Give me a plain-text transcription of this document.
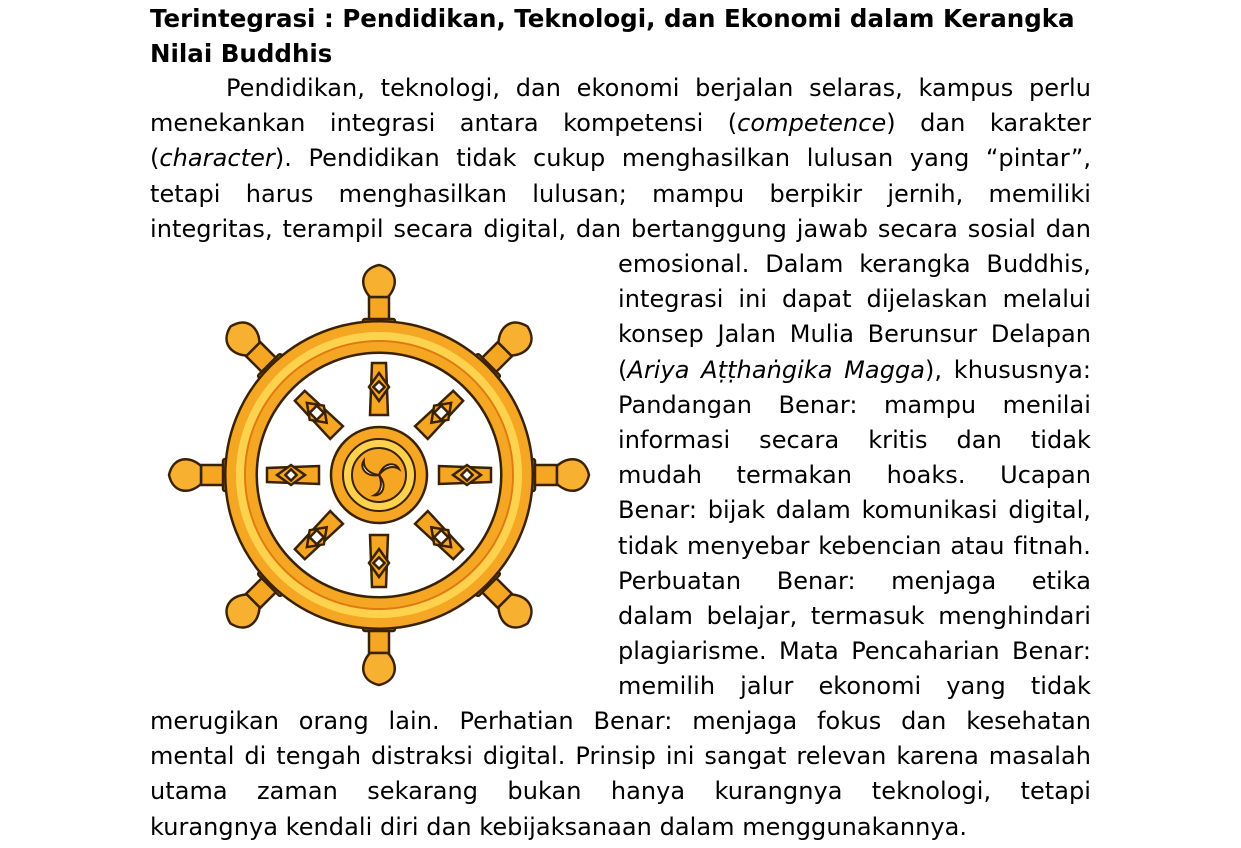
Terintegrasi : Pendidikan, Teknologi, dan Ekonomi dalam Kerangka
Nilai Buddhis
Pendidikan, teknologi, dan ekonomi berjalan selaras, kampus perlu
menekankan integrasi antara kompetensi (competence) dan karakter
(character). Pendidikan tidak cukup menghasilkan lulusan yang “pintar”,
tetapi harus menghasilkan lulusan; mampu berpikir jernih, memiliki
integritas, terampil secara digital, dan bertanggung jawab secara sosial dan
emosional. Dalam kerangka Buddhis,
integrasi ini dapat dijelaskan melalui
konsep Jalan Mulia Berunsur Delapan
(Ariya Aṭṭhaṅgika Magga), khususnya:
Pandangan Benar: mampu menilai
informasi secara kritis dan tidak
mudah termakan hoaks. Ucapan
Benar: bijak dalam komunikasi digital,
tidak menyebar kebencian atau fitnah.
Perbuatan Benar: menjaga etika
dalam belajar, termasuk menghindari
plagiarisme. Mata Pencaharian Benar:
memilih jalur ekonomi yang tidak
merugikan orang lain. Perhatian Benar: menjaga fokus dan kesehatan
mental di tengah distraksi digital. Prinsip ini sangat relevan karena masalah
utama zaman sekarang bukan hanya kurangnya teknologi, tetapi
kurangnya kendali diri dan kebijaksanaan dalam menggunakannya.
